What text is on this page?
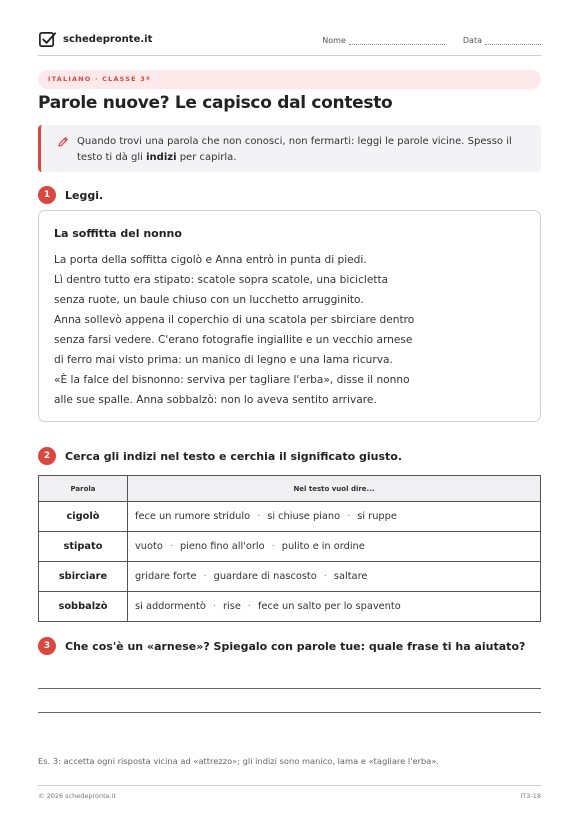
schedepronte.it	Nome	Data
ITALIANO · CLASSE 3ª
Parole nuove? Le capisco dal contesto

Quando trovi una parola che non conosci, non fermarti: leggi le parole vicine. Spesso il testo ti dà gli indizi per capirla.

1	Leggi.
La soffitta del nonno
La porta della soffitta cigolò e Anna entrò in punta di piedi.
Lì dentro tutto era stipato: scatole sopra scatole, una bicicletta
senza ruote, un baule chiuso con un lucchetto arrugginito.
Anna sollevò appena il coperchio di una scatola per sbirciare dentro
senza farsi vedere. C'erano fotografie ingiallite e un vecchio arnese
di ferro mai visto prima: un manico di legno e una lama ricurva.
«È la falce del bisnonno: serviva per tagliare l'erba», disse il nonno
alle sue spalle. Anna sobbalzò: non lo aveva sentito arrivare.
2	Cerca gli indizi nel testo e cerchia il significato giusto.
Parola	Nel testo vuol dire...
cigolò	fece un rumore stridulo · si chiuse piano · si ruppe
stipato	vuoto · pieno fino all'orlo · pulito e in ordine
sbirciare	gridare forte · guardare di nascosto · saltare
sobbalzò	si addormentò · rise · fece un salto per lo spavento
3	Che cos'è un «arnese»? Spiegalo con parole tue: quale frase ti ha aiutato?
Es. 3: accetta ogni risposta vicina ad «attrezzo»; gli indizi sono manico, lama e «tagliare l'erba».
© 2026 schedepronte.it	IT3-18
